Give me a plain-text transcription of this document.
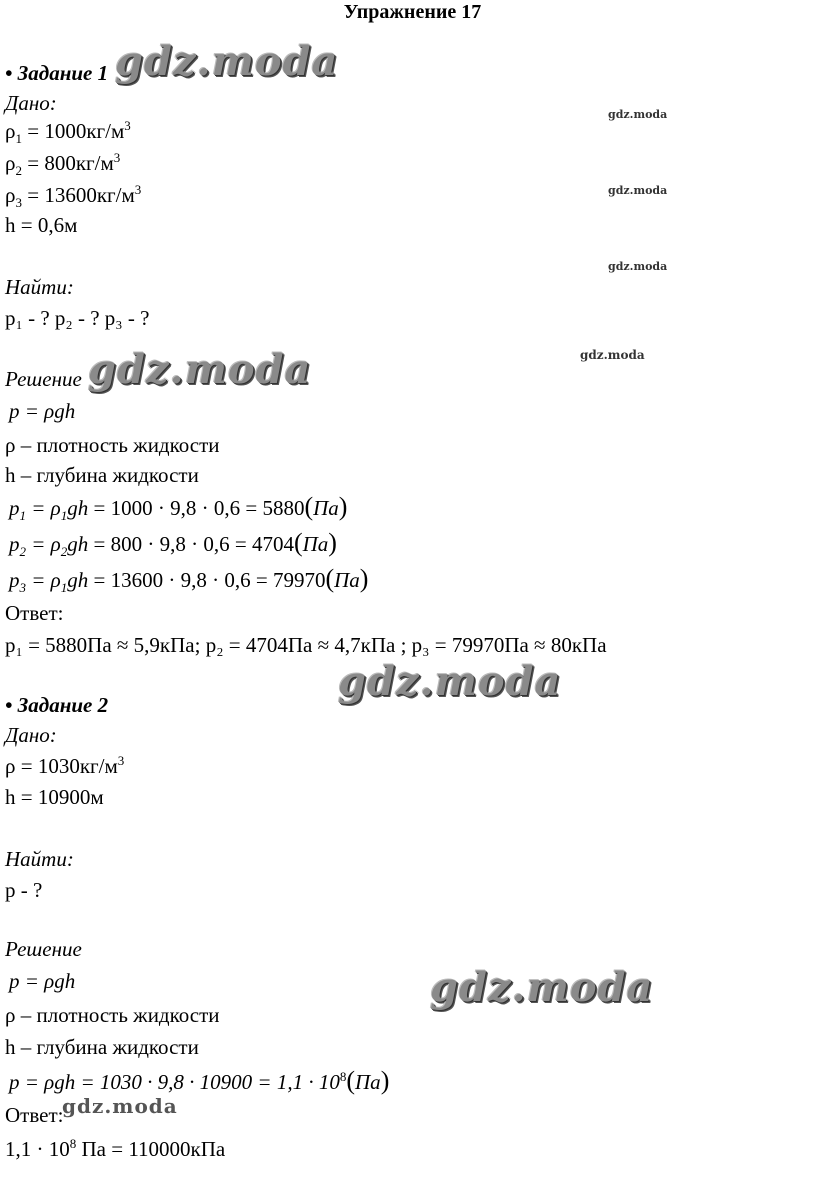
Упражнение 17
gdz.moda
gdz.moda
gdz.moda
gdz.moda
gdz.moda
gdz.moda
gdz.moda
gdz.moda
gdz.moda
• Задание 1
Дано:
$\rho_1 = 1000кг/м^3$
$\rho_2 = 800кг/м^3$
$\rho_3 = 13600кг/м^3$
h = 0,6м
Найти:
p₁ - ? p₂ - ? p₃ - ?
Решение
p = ρgh
ρ – плотность жидкости
h – глубина жидкости
$p_1 = \rho_1gh = 1000 \cdot 9,8 \cdot 0,6 = 5880(Па)$
$p_2 = \rho_2gh = 800 \cdot 9,8 \cdot 0,6 = 4704(Па)$
$p_3 = \rho_1gh = 13600 \cdot 9,8 \cdot 0,6 = 79970(Па)$
Ответ:
p₁ = 5880Па ≈ 5,9кПа; p₂ = 4704Па ≈ 4,7кПа ; p₃ = 79970Па ≈ 80кПа
• Задание 2
Дано:
$\rho = 1030кг/м^3$
h = 10900м
Найти:
p - ?
Решение
p = ρgh
ρ – плотность жидкости
h – глубина жидкости
$p = \rho gh = 1030 \cdot 9,8 \cdot 10900 = 1,1 \cdot 10^8(Па)$
Ответ:
$1,1 \cdot 10^8$ Па = 110000кПа
